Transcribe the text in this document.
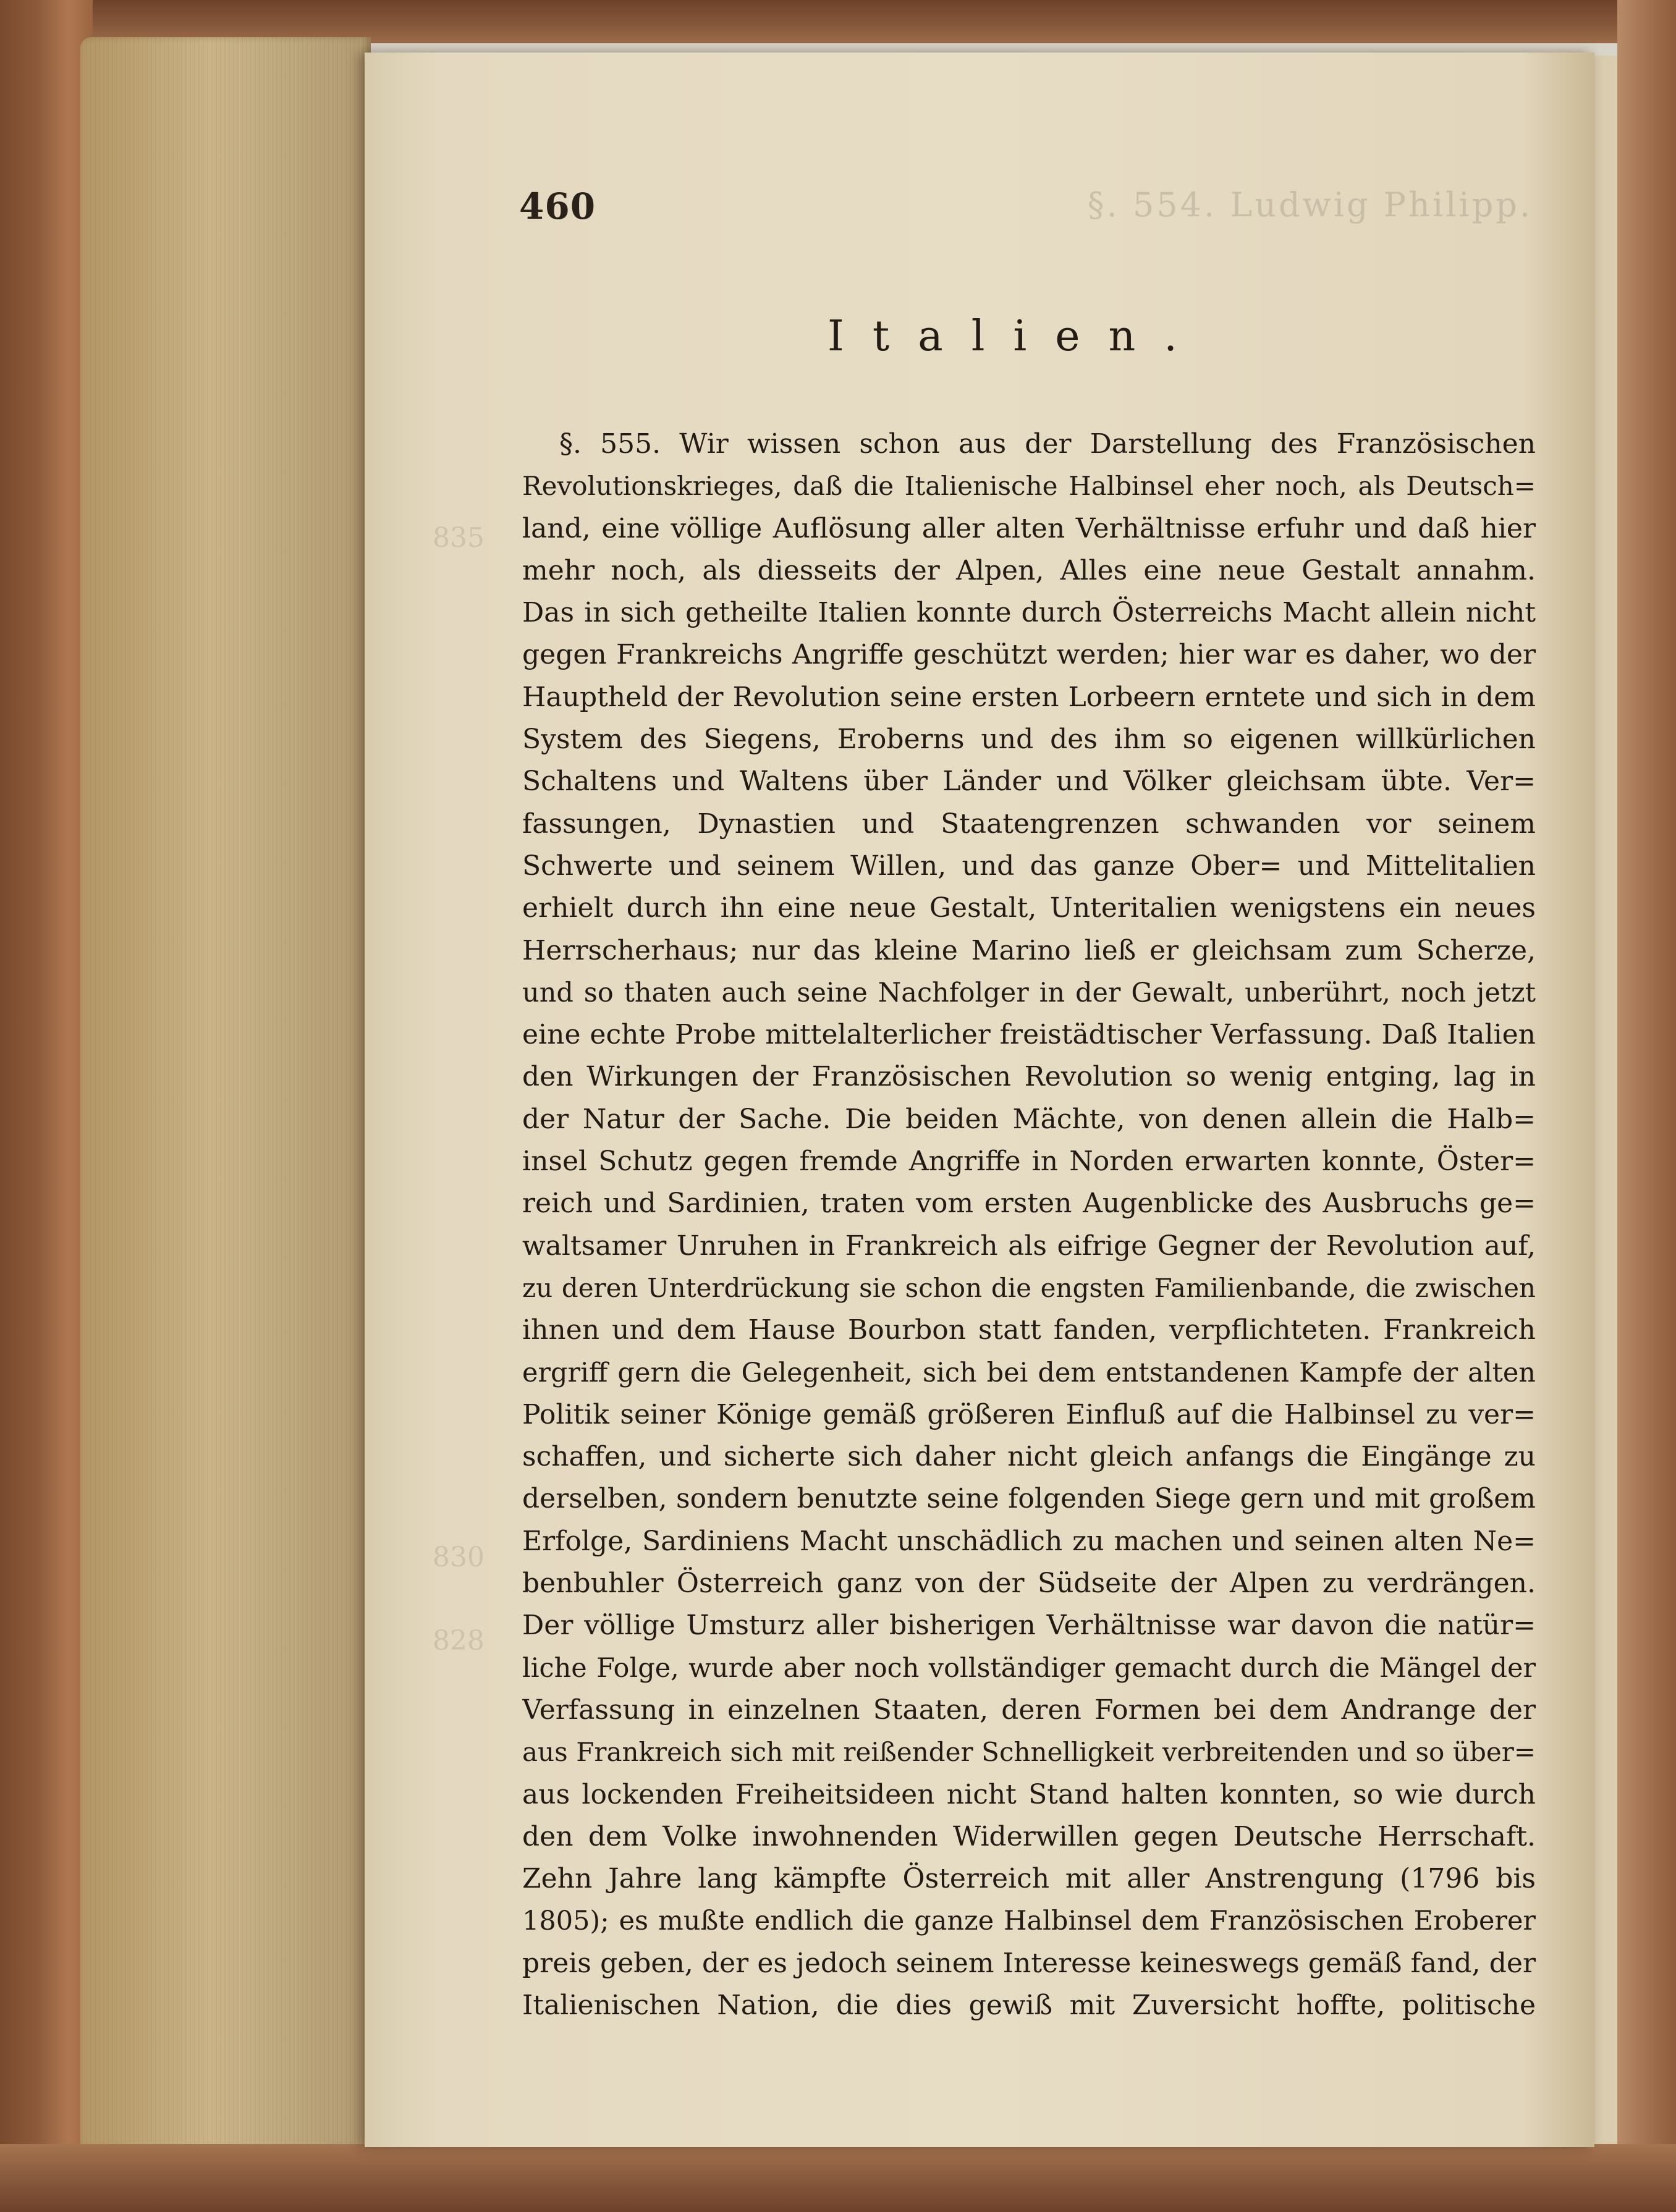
460	§. 554. Ludwig Philipp.
835
830
828
Italien.
§. 555. Wir wissen schon aus der Darstellung des Französischen
Revolutionskrieges, daß die Italienische Halbinsel eher noch, als Deutsch=
land, eine völlige Auflösung aller alten Verhältnisse erfuhr und daß hier
mehr noch, als diesseits der Alpen, Alles eine neue Gestalt annahm.
Das in sich getheilte Italien konnte durch Österreichs Macht allein nicht
gegen Frankreichs Angriffe geschützt werden; hier war es daher, wo der
Hauptheld der Revolution seine ersten Lorbeern erntete und sich in dem
System des Siegens, Eroberns und des ihm so eigenen willkürlichen
Schaltens und Waltens über Länder und Völker gleichsam übte. Ver=
fassungen, Dynastien und Staatengrenzen schwanden vor seinem
Schwerte und seinem Willen, und das ganze Ober= und Mittelitalien
erhielt durch ihn eine neue Gestalt, Unteritalien wenigstens ein neues
Herrscherhaus; nur das kleine Marino ließ er gleichsam zum Scherze,
und so thaten auch seine Nachfolger in der Gewalt, unberührt, noch jetzt
eine echte Probe mittelalterlicher freistädtischer Verfassung. Daß Italien
den Wirkungen der Französischen Revolution so wenig entging, lag in
der Natur der Sache. Die beiden Mächte, von denen allein die Halb=
insel Schutz gegen fremde Angriffe in Norden erwarten konnte, Öster=
reich und Sardinien, traten vom ersten Augenblicke des Ausbruchs ge=
waltsamer Unruhen in Frankreich als eifrige Gegner der Revolution auf,
zu deren Unterdrückung sie schon die engsten Familienbande, die zwischen
ihnen und dem Hause Bourbon statt fanden, verpflichteten. Frankreich
ergriff gern die Gelegenheit, sich bei dem entstandenen Kampfe der alten
Politik seiner Könige gemäß größeren Einfluß auf die Halbinsel zu ver=
schaffen, und sicherte sich daher nicht gleich anfangs die Eingänge zu
derselben, sondern benutzte seine folgenden Siege gern und mit großem
Erfolge, Sardiniens Macht unschädlich zu machen und seinen alten Ne=
benbuhler Österreich ganz von der Südseite der Alpen zu verdrängen.
Der völlige Umsturz aller bisherigen Verhältnisse war davon die natür=
liche Folge, wurde aber noch vollständiger gemacht durch die Mängel der
Verfassung in einzelnen Staaten, deren Formen bei dem Andrange der
aus Frankreich sich mit reißender Schnelligkeit verbreitenden und so über=
aus lockenden Freiheitsideen nicht Stand halten konnten, so wie durch
den dem Volke inwohnenden Widerwillen gegen Deutsche Herrschaft.
Zehn Jahre lang kämpfte Österreich mit aller Anstrengung (1796 bis
1805); es mußte endlich die ganze Halbinsel dem Französischen Eroberer
preis geben, der es jedoch seinem Interesse keineswegs gemäß fand, der
Italienischen Nation, die dies gewiß mit Zuversicht hoffte, politische
